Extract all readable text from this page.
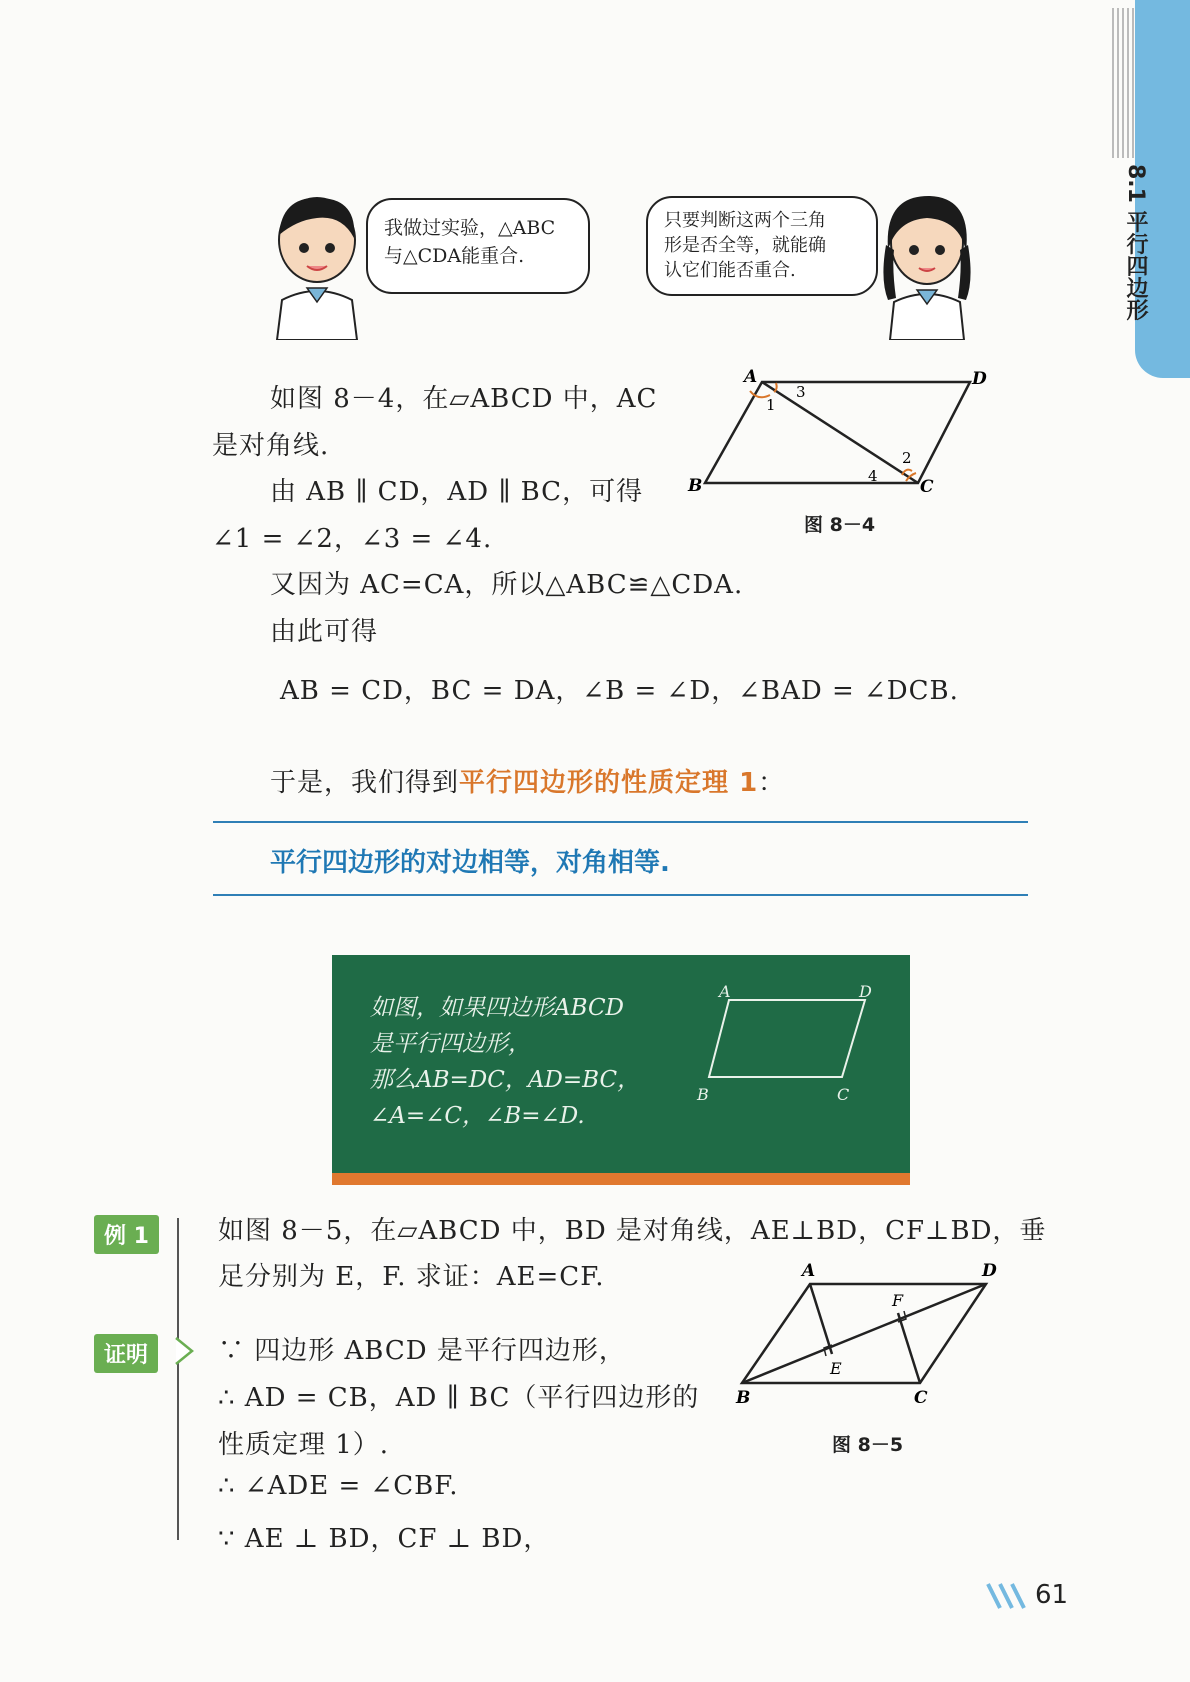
8.1 平行四边形
我做过实验，△ABC
与△CDA能重合.
只要判断这两个三角
形是否全等，就能确
认它们能否重合.
如图 8－4，在▱ABCD 中，AC
是对角线.
由 AB ∥ CD，AD ∥ BC，可得
∠1 = ∠2，∠3 = ∠4.
又因为 AC=CA，所以△ABC≌△CDA.
由此可得
AB = CD，BC = DA，∠B = ∠D，∠BAD = ∠DCB.
于是，我们得到平行四边形的性质定理 1：
A	D
B	C
1
2
3
4
图 8－4
平行四边形的对边相等，对角相等.
如图，如果四边形ABCD
是平行四边形，
那么AB=DC，AD=BC，
∠A=∠C，∠B=∠D.
A	D
B	C
例 1	如图 8－5，在▱ABCD 中，BD 是对角线，AE⊥BD，CF⊥BD，垂
足分别为 E，F. 求证：AE=CF.
证明	∵ 四边形 ABCD 是平行四边形，
∴ AD = CB，AD ∥ BC（平行四边形的
性质定理 1）.
∴ ∠ADE = ∠CBF.
∵ AE ⊥ BD，CF ⊥ BD，
A	D
B	C
E
F
图 8－5
61
